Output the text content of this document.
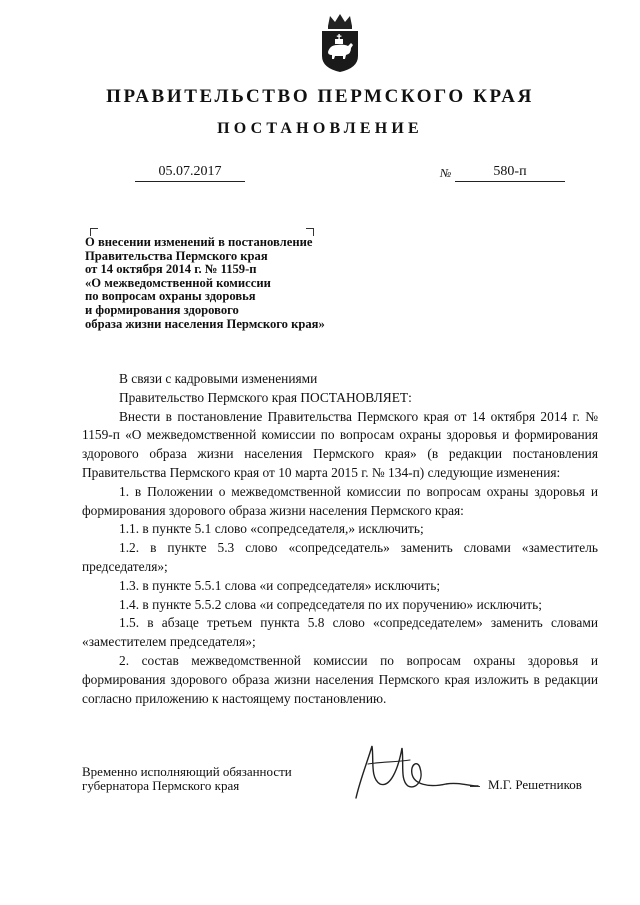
ПРАВИТЕЛЬСТВО ПЕРМСКОГО КРАЯ
ПОСТАНОВЛЕНИЕ
05.07.2017	№	580-п
О внесении изменений в постановление
Правительства Пермского края
от 14 октября 2014 г. № 1159-п
«О межведомственной комиссии
по вопросам охраны здоровья
и формирования здорового
образа жизни населения Пермского края»

В связи с кадровыми изменениями

Правительство Пермского края ПОСТАНОВЛЯЕТ:

Внести в постановление Правительства Пермского края от 14 октября 2014 г. № 1159-п «О межведомственной комиссии по вопросам охраны здоровья и формирования здорового образа жизни населения Пермского края» (в редакции постановления Правительства Пермского края от 10 марта 2015 г. № 134-п) следующие изменения:

1. в Положении о межведомственной комиссии по вопросам охраны здоровья и формирования здорового образа жизни населения Пермского края:

1.1. в пункте 5.1 слово «сопредседателя,» исключить;

1.2. в пункте 5.3 слово «сопредседатель» заменить словами «заместитель председателя»;

1.3. в пункте 5.5.1 слова «и сопредседателя» исключить;

1.4. в пункте 5.5.2 слова «и сопредседателя по их поручению» исключить;

1.5. в абзаце третьем пункта 5.8 слово «сопредседателем» заменить словами «заместителем председателя»;

2. состав межведомственной комиссии по вопросам охраны здоровья и формирования здорового образа жизни населения Пермского края изложить в редакции согласно приложению к настоящему постановлению.

Временно исполняющий обязанности
губернатора Пермского края	М.Г. Решетников
